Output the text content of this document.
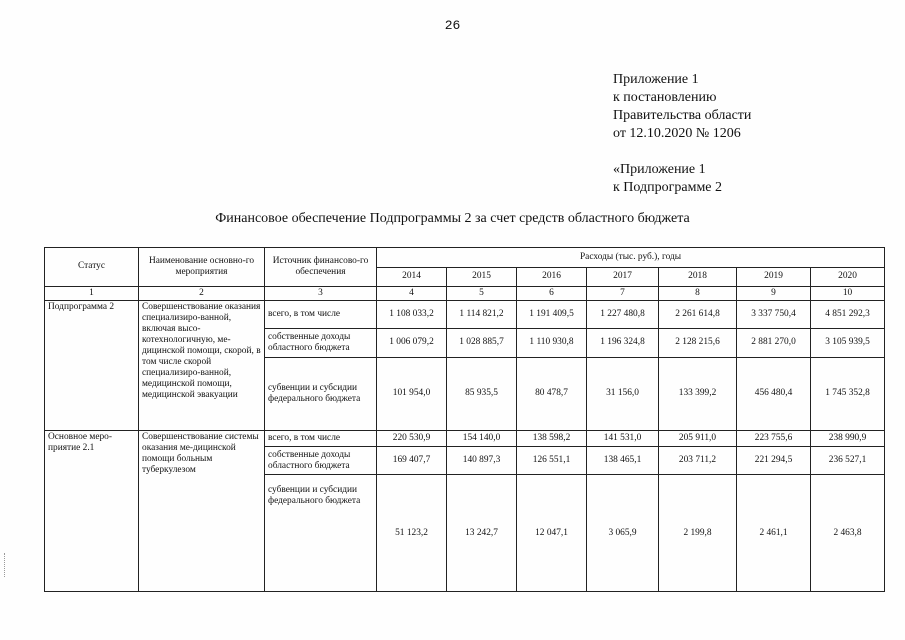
26
Приложение 1
к постановлению
Правительства области
от 12.10.2020 № 1206
«Приложение 1
к Подпрограмме 2
Финансовое обеспечение Подпрограммы 2 за счет средств областного бюджета
Статус	Наименование основно-го мероприятия	Источник финансово-го обеспечения	Расходы (тыс. руб.), годы						
			2014	2015	2016	2017	2018	2019	2020
1	2	3	4	5	6	7	8	9	10
Подпрограмма 2	Совершенствование оказания специализиро-ванной, включая высо-котехнологичную, ме-дицинской помощи, скорой, в том числе скорой специализиро-ванной, медицинской помощи, медицинской эвакуации	всего, в том числе	1 108 033,2	1 114 821,2	1 191 409,5	1 227 480,8	2 261 614,8	3 337 750,4	4 851 292,3
		собственные доходы областного бюджета	1 006 079,2	1 028 885,7	1 110 930,8	1 196 324,8	2 128 215,6	2 881 270,0	3 105 939,5
		субвенции и субсидии федерального бюджета	101 954,0	85 935,5	80 478,7	31 156,0	133 399,2	456 480,4	1 745 352,8
Основное меро-приятие 2.1	Совершенствование системы оказания ме-дицинской помощи больным туберкулезом	всего, в том числе	220 530,9	154 140,0	138 598,2	141 531,0	205 911,0	223 755,6	238 990,9
		собственные доходы областного бюджета	169 407,7	140 897,3	126 551,1	138 465,1	203 711,2	221 294,5	236 527,1
		субвенции и субсидии федерального бюджета	51 123,2	13 242,7	12 047,1	3 065,9	2 199,8	2 461,1	2 463,8
